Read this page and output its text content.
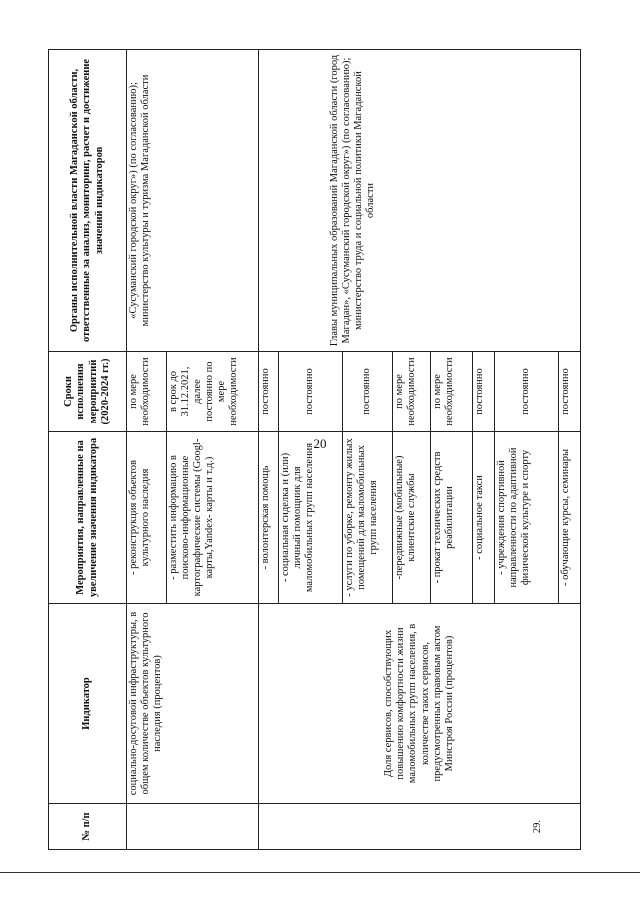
20
№ п/п	Индикатор	Мероприятия, направленные на увеличение значения индикатора	Сроки исполнения мероприятий (2020-2024 гг.)	Органы исполнительной власти Магаданской области, ответственные за анализ, мониторинг, расчет и достижение значений индикаторов
	социально-досуговой инфраструктуры, в общем количестве объектов культурного наследия (процентов)	- реконструкция объектов культурного наследия	по мере необходимости	«Сусуманский городской округ») (по согласованию); министерство культуры и туризма Магаданской области
		- разместить информацию в поисково-информационные картографические системы (Googl-карты,Yandex- карты и т.д.)	в срок до 31.12.2021, далее постоянно по мере необходимости	
29.	Доля сервисов, способствующих повышению комфортности жизни маломобильных групп населения, в количестве таких сервисов, предусмотренных правовым актом Минстроя России (процентов)	- волонтерская помощь	постоянно	Главы муниципальных образований Магаданской области (город Магадан», «Сусуманский городской округ») (по согласованию); министерство труда и социальной политики Магаданской области
		- социальная сиделка и (или) личный помощник для маломобильных групп населения	постоянно	
		- услуги по уборке, ремонту жилых помещений для маломобильных групп населения	постоянно	
		-передвижные (мобильные) клиентские службы	по мере необходимости	
		- прокат технических средств реабилитации	по мере необходимости	
		- социальное такси	постоянно	
		- учреждения спортивной направленности по адаптивной физической культуре и спорту	постоянно	
		- обучающие курсы, семинары	постоянно	
